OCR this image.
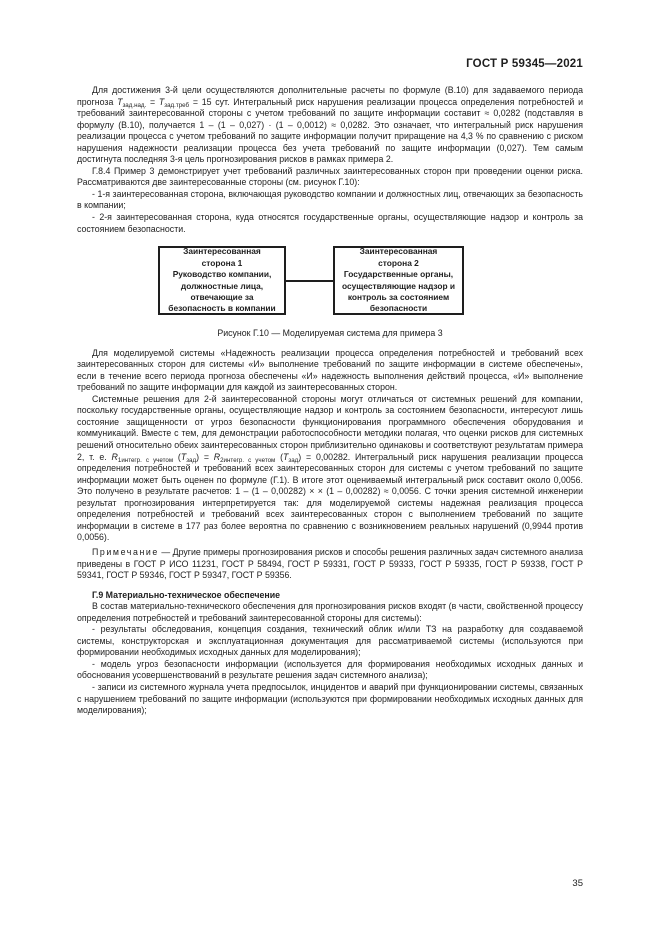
ГОСТ Р 59345—2021

Для достижения 3-й цели осуществляются дополнительные расчеты по формуле (В.10) для задаваемого периода прогноза $T_{зад.над.} = T_{зад.треб} = 15$ сут. Интегральный риск нарушения реализации процесса определения потребностей и требований заинтересованной стороны с учетом требований по защите информации составит ≈ 0,0282 (подставляя в формулу (В.10), получается 1 – (1 – 0,027) · (1 – 0,0012) ≈ 0,0282. Это означает, что интегральный риск нарушения реализации процесса с учетом требований по защите информации получит приращение на 4,3 % по сравнению с риском нарушения надежности реализации процесса без учета требований по защите информации (0,027). Тем самым достигнута последняя 3-я цель прогнозирования рисков в рамках примера 2.

Г.8.4 Пример 3 демонстрирует учет требований различных заинтересованных сторон при проведении оценки риска. Рассматриваются две заинтересованные стороны (см. рисунок Г.10):

- 1-я заинтересованная сторона, включающая руководство компании и должностных лиц, отвечающих за безопасность в компании;

- 2-я заинтересованная сторона, куда относятся государственные органы, осуществляющие надзор и контроль за состоянием безопасности.

Заинтересованная
сторона 1
Руководство компании,
должностные лица,
отвечающие за
безопасность в компании
Заинтересованная
сторона 2
Государственные органы,
осуществляющие надзор и
контроль за состоянием
безопасности

Рисунок Г.10 — Моделируемая система для примера 3

Для моделируемой системы «Надежность реализации процесса определения потребностей и требований всех заинтересованных сторон для системы «И» выполнение требований по защите информации в системе обеспечены», если в течение всего периода прогноза обеспечены «И» надежность выполнения действий процесса, «И» выполнение требований по защите информации для каждой из заинтересованных сторон.

Системные решения для 2-й заинтересованной стороны могут отличаться от системных решений для компании, поскольку государственные органы, осуществляющие надзор и контроль за состоянием безопасности, интересуют лишь состояние защищенности от угроз безопасности функционирования программного обеспечения оборудования и коммуникаций. Вместе с тем, для демонстрации работоспособности методики полагая, что оценки рисков для системных решений относительно обеих заинтересованных сторон приблизительно одинаковы и соответствуют результатам примера 2, т. е. $R_{1интегр. с учетом}$ $(T_{зад}) = R_{2интегр. с учетом}$ $(T_{зад}) = 0,00282$. Интегральный риск нарушения реализации процесса определения потребностей и требований всех заинтересованных сторон для системы с учетом требований по защите информации может быть оценен по формуле (Г.1). В итоге этот оцениваемый интегральный риск составит около 0,0056. Это получено в результате расчетов: 1 – (1 – 0,00282) × × (1 – 0,00282) ≈ 0,0056. С точки зрения системной инженерии результат прогнозирования интерпретируется так: для моделируемой системы надежная реализация процесса определения потребностей и требований всех заинтересованных сторон с выполнением требований по защите информации в системе в 177 раз более вероятна по сравнению с возникновением реальных нарушений (0,9944 против 0,0056).

Примечание — Другие примеры прогнозирования рисков и способы решения различных задач системного анализа приведены в ГОСТ Р ИСО 11231, ГОСТ Р 58494, ГОСТ Р 59331, ГОСТ Р 59333, ГОСТ Р 59335, ГОСТ Р 59338, ГОСТ Р 59341, ГОСТ Р 59346, ГОСТ Р 59347, ГОСТ Р 59356.

Г.9 Материально-техническое обеспечение

В состав материально-технического обеспечения для прогнозирования рисков входят (в части, свойственной процессу определения потребностей и требований заинтересованной стороны для системы):

- результаты обследования, концепция создания, технический облик и/или ТЗ на разработку для создаваемой системы, конструкторская и эксплуатационная документация для рассматриваемой системы (используются при формировании необходимых исходных данных для моделирования);

- модель угроз безопасности информации (используется для формирования необходимых исходных данных и обоснования усовершенствований в результате решения задач системного анализа);

- записи из системного журнала учета предпосылок, инцидентов и аварий при функционировании системы, связанных с нарушением требований по защите информации (используются при формировании необходимых исходных данных для моделирования);

35
